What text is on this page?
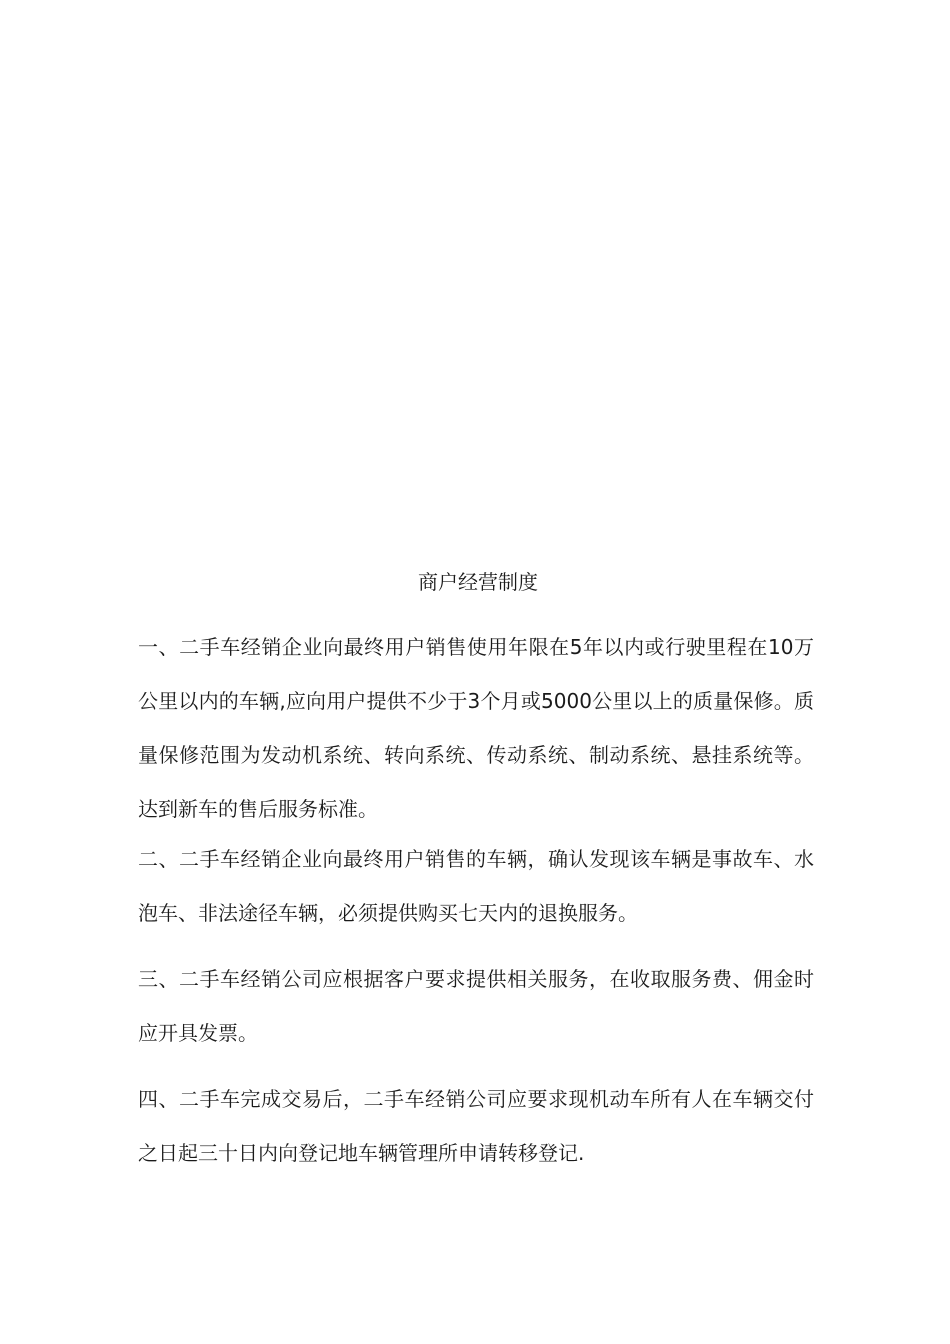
商户经营制度

一、二手车经销企业向最终用户销售使用年限在5年以内或行驶里程在10万公里以内的车辆,应向用户提供不少于3个月或5000公里以上的质量保修。质量保修范围为发动机系统、转向系统、传动系统、制动系统、悬挂系统等。达到新车的售后服务标准。

二、二手车经销企业向最终用户销售的车辆，确认发现该车辆是事故车、水泡车、非法途径车辆，必须提供购买七天内的退换服务。

三、二手车经销公司应根据客户要求提供相关服务，在收取服务费、佣金时应开具发票。

四、二手车完成交易后，二手车经销公司应要求现机动车所有人在车辆交付之日起三十日内向登记地车辆管理所申请转移登记.
